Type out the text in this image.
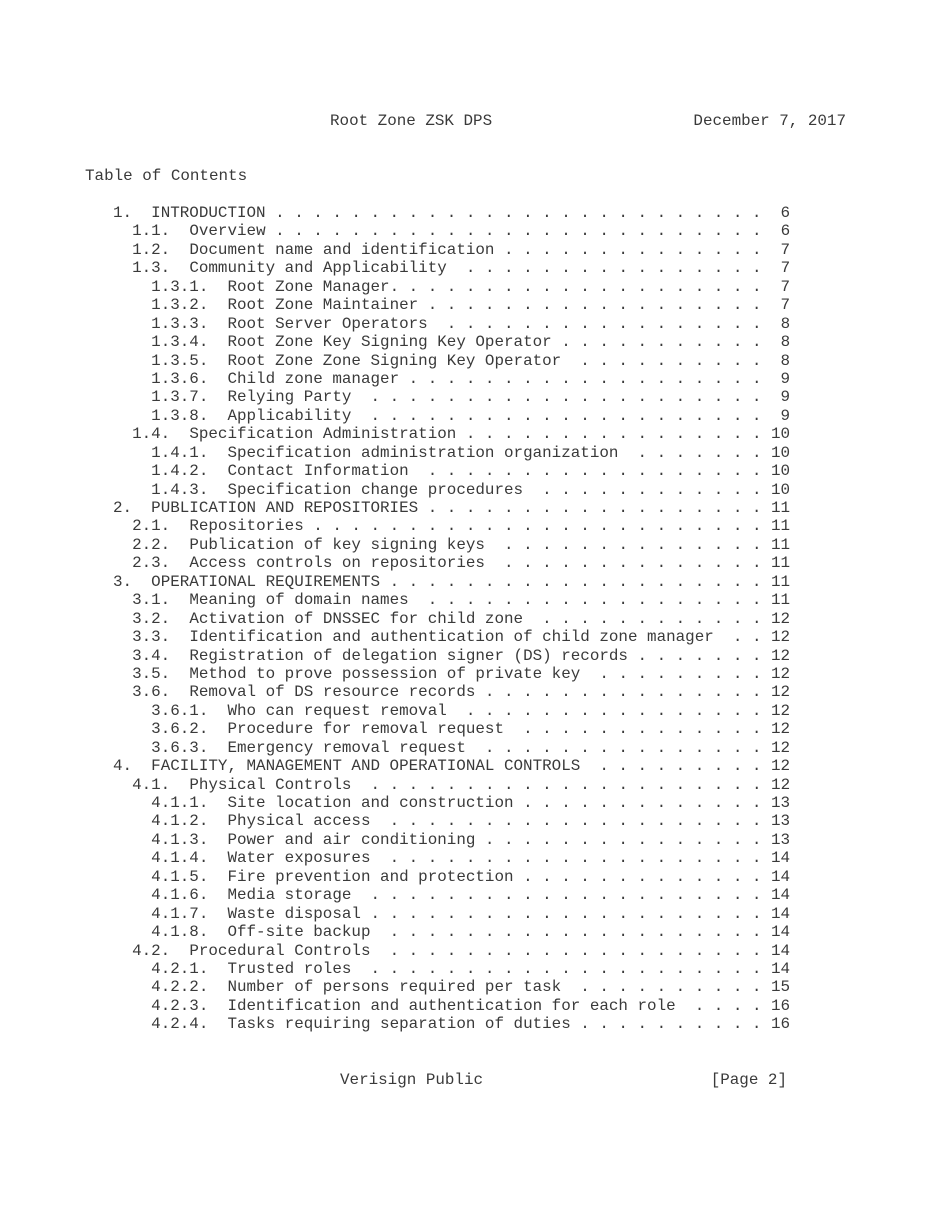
Root Zone ZSK DPS	December 7, 2017
Table of Contents
1. INTRODUCTION . . . . . . . . . . . . . . . . . . . . . . . . . .  6
1.1. Overview . . . . . . . . . . . . . . . . . . . . . . . . . .  6
1.2. Document name and identification . . . . . . . . . . . . . .  7
1.3. Community and Applicability  . . . . . . . . . . . . . . . .  7
1.3.1. Root Zone Manager. . . . . . . . . . . . . . . . . . . .  7
1.3.2. Root Zone Maintainer . . . . . . . . . . . . . . . . . .  7
1.3.3. Root Server Operators  . . . . . . . . . . . . . . . . .  8
1.3.4. Root Zone Key Signing Key Operator . . . . . . . . . . .  8
1.3.5. Root Zone Zone Signing Key Operator  . . . . . . . . . .  8
1.3.6. Child zone manager . . . . . . . . . . . . . . . . . . .  9
1.3.7. Relying Party  . . . . . . . . . . . . . . . . . . . . .  9
1.3.8. Applicability  . . . . . . . . . . . . . . . . . . . . .  9
1.4. Specification Administration . . . . . . . . . . . . . . . . 10
1.4.1. Specification administration organization  . . . . . . . 10
1.4.2. Contact Information  . . . . . . . . . . . . . . . . . . 10
1.4.3. Specification change procedures  . . . . . . . . . . . . 10
2. PUBLICATION AND REPOSITORIES . . . . . . . . . . . . . . . . . . 11
2.1. Repositories . . . . . . . . . . . . . . . . . . . . . . . . 11
2.2. Publication of key signing keys  . . . . . . . . . . . . . . 11
2.3. Access controls on repositories  . . . . . . . . . . . . . . 11
3. OPERATIONAL REQUIREMENTS . . . . . . . . . . . . . . . . . . . . 11
3.1. Meaning of domain names  . . . . . . . . . . . . . . . . . . 11
3.2. Activation of DNSSEC for child zone  . . . . . . . . . . . . 12
3.3. Identification and authentication of child zone manager  . . 12
3.4. Registration of delegation signer (DS) records . . . . . . . 12
3.5. Method to prove possession of private key  . . . . . . . . . 12
3.6. Removal of DS resource records . . . . . . . . . . . . . . . 12
3.6.1. Who can request removal  . . . . . . . . . . . . . . . . 12
3.6.2. Procedure for removal request  . . . . . . . . . . . . . 12
3.6.3. Emergency removal request  . . . . . . . . . . . . . . . 12
4. FACILITY, MANAGEMENT AND OPERATIONAL CONTROLS  . . . . . . . . . 12
4.1. Physical Controls  . . . . . . . . . . . . . . . . . . . . . 12
4.1.1. Site location and construction . . . . . . . . . . . . . 13
4.1.2. Physical access  . . . . . . . . . . . . . . . . . . . . 13
4.1.3. Power and air conditioning . . . . . . . . . . . . . . . 13
4.1.4. Water exposures  . . . . . . . . . . . . . . . . . . . . 14
4.1.5. Fire prevention and protection . . . . . . . . . . . . . 14
4.1.6. Media storage  . . . . . . . . . . . . . . . . . . . . . 14
4.1.7. Waste disposal . . . . . . . . . . . . . . . . . . . . . 14
4.1.8. Off-site backup  . . . . . . . . . . . . . . . . . . . . 14
4.2. Procedural Controls  . . . . . . . . . . . . . . . . . . . . 14
4.2.1. Trusted roles  . . . . . . . . . . . . . . . . . . . . . 14
4.2.2. Number of persons required per task  . . . . . . . . . . 15
4.2.3. Identification and authentication for each role  . . . . 16
4.2.4. Tasks requiring separation of duties . . . . . . . . . . 16
Verisign Public	[Page 2]
